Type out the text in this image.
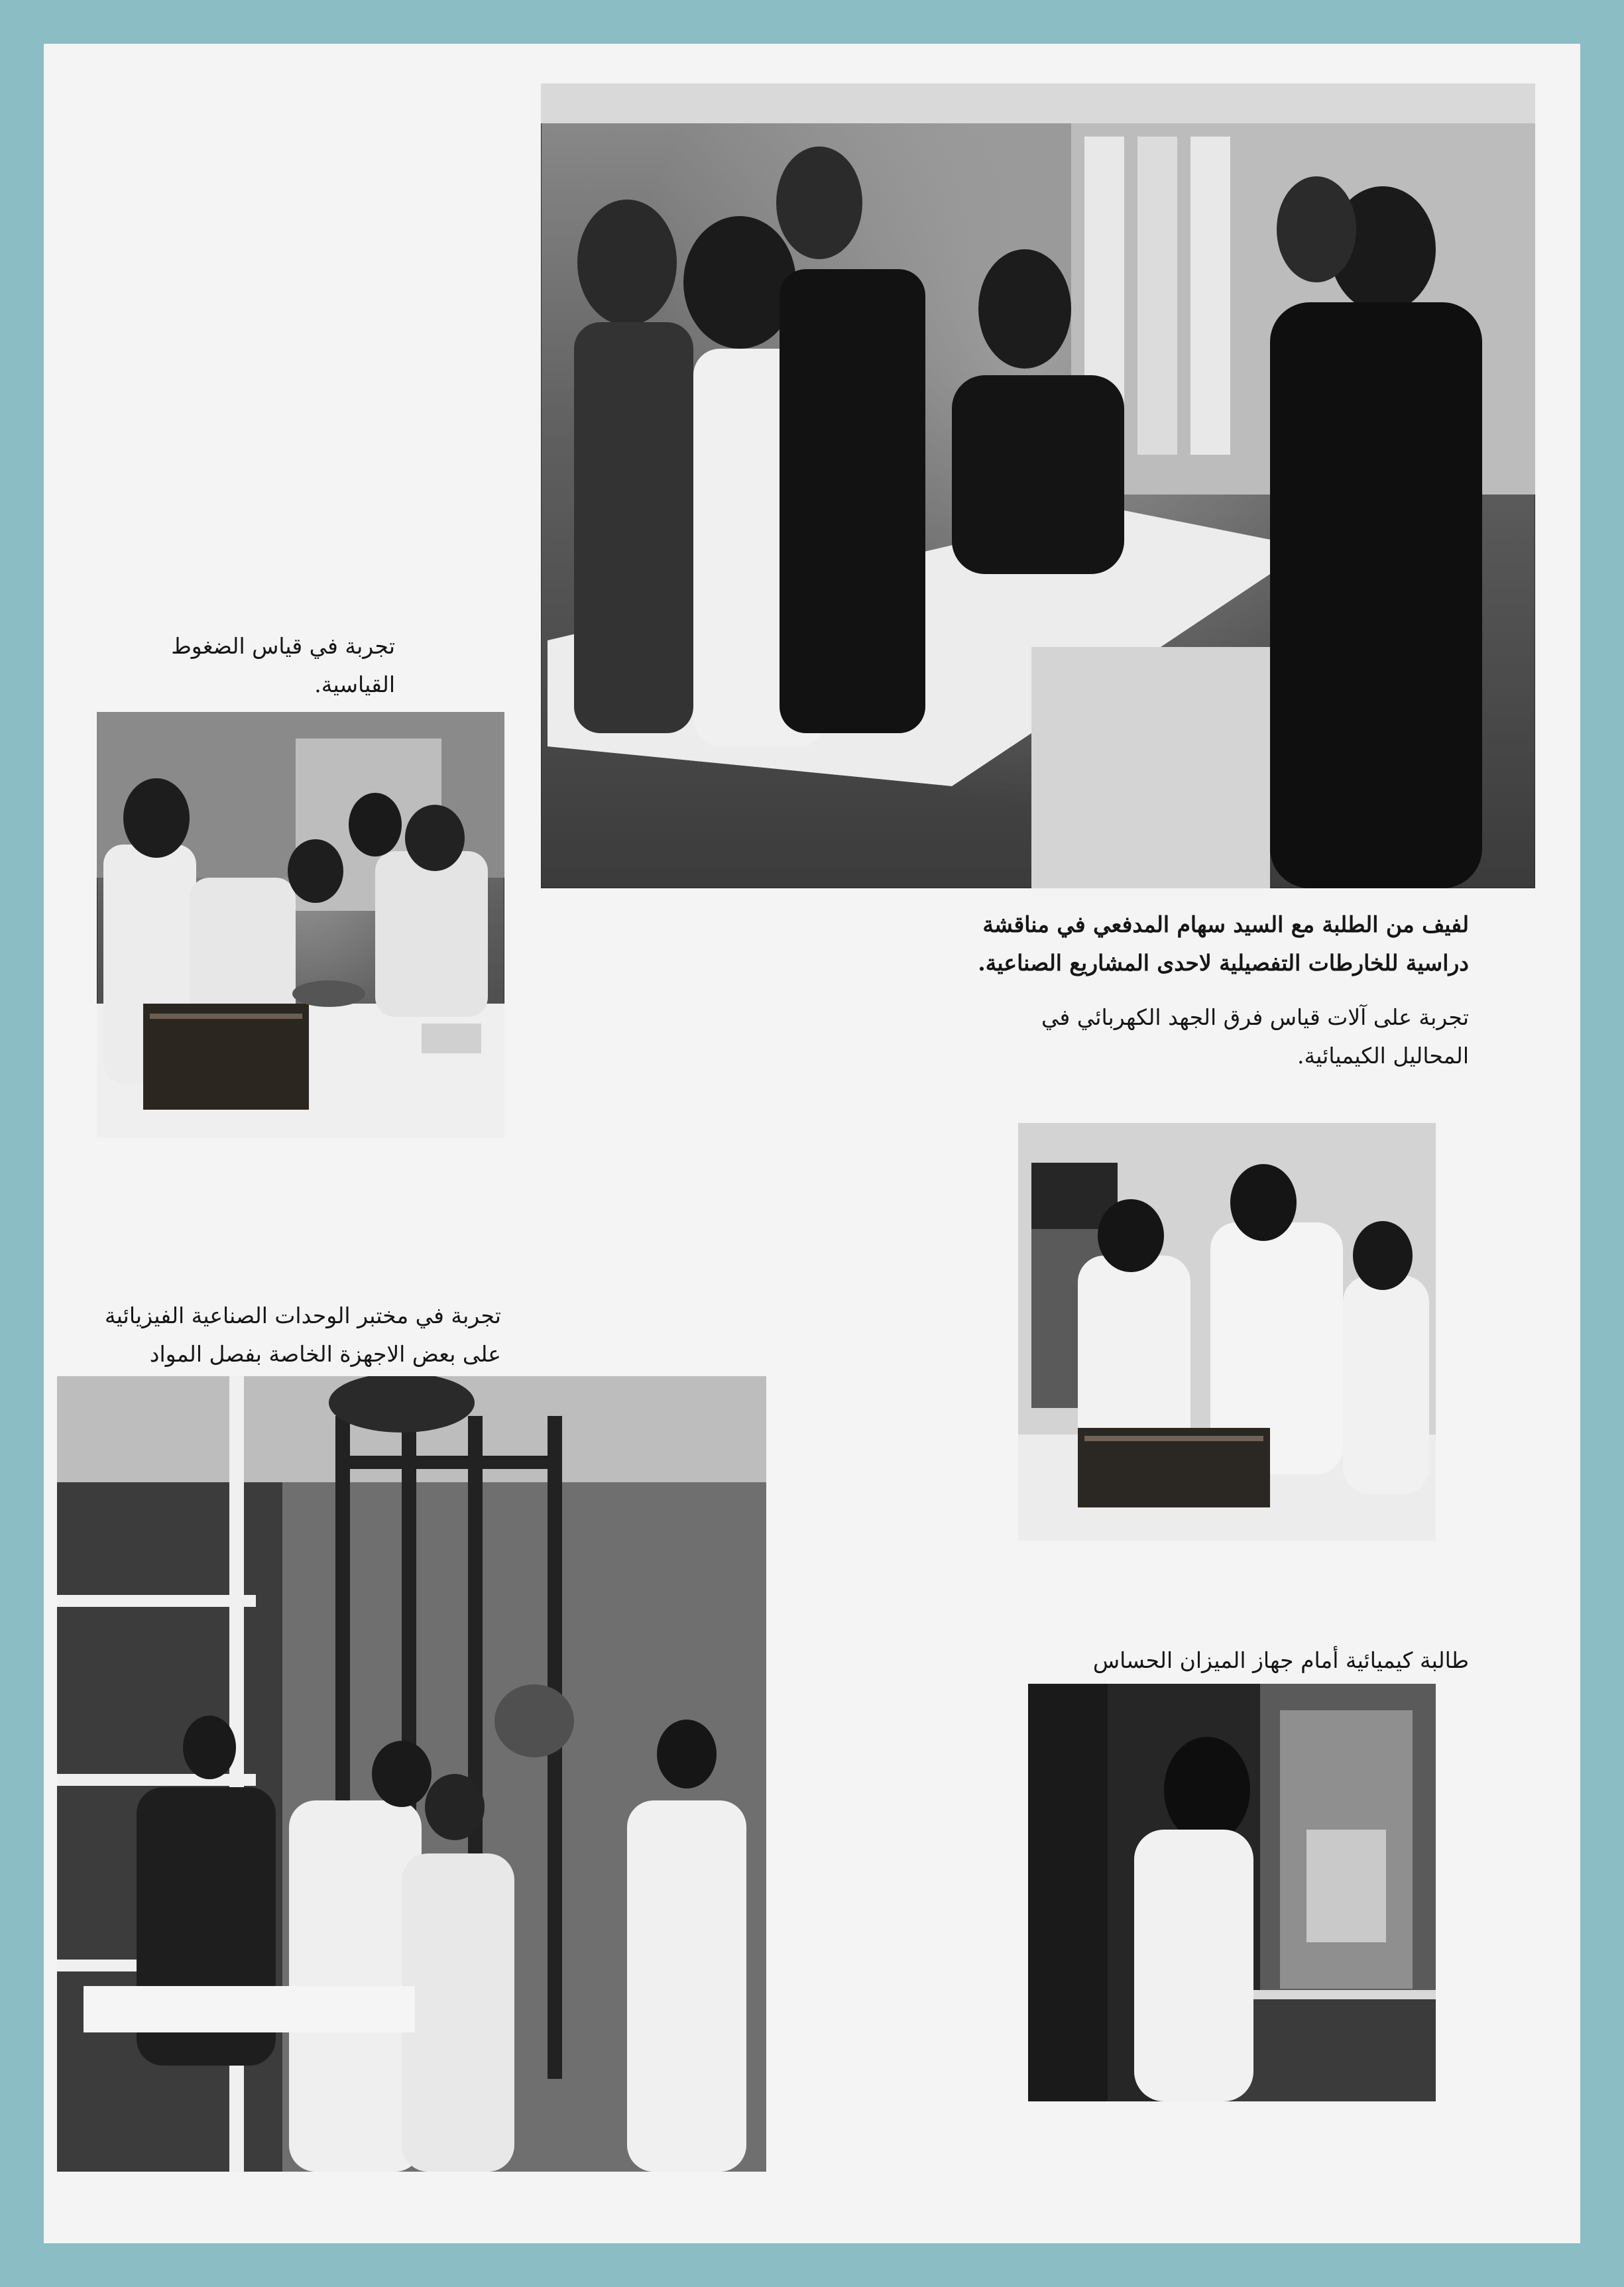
تجربة في قياس الضغوط القياسية.

لفيف من الطلبة مع السيد سهام المدفعي في مناقشة دراسية للخارطات التفصيلية لاحدى المشاريع الصناعية.

تجربة على آلات قياس فرق الجهد الكهربائي في المحاليل الكيميائية.

تجربة في مختبر الوحدات الصناعية الفيزيائية على بعض الاجهزة الخاصة بفصل المواد

طالبة كيميائية أمام جهاز الميزان الحساس
